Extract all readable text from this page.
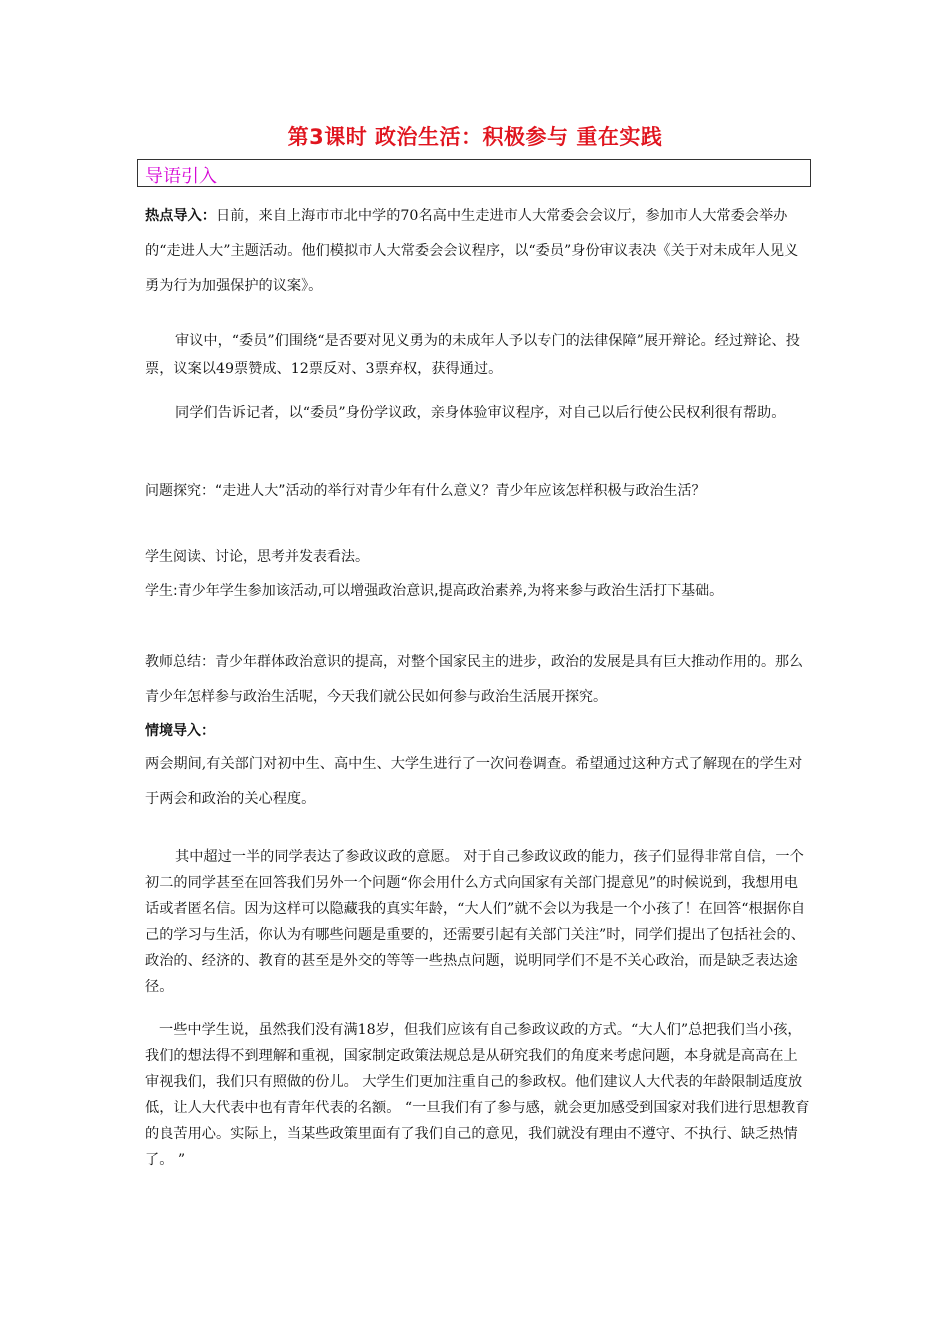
第3课时 政治生活：积极参与 重在实践
导语引入

热点导入：日前，来自上海市市北中学的70名高中生走进市人大常委会会议厅，参加市人大常委会举办的“走进人大”主题活动。他们模拟市人大常委会会议程序，以“委员”身份审议表决《关于对未成年人见义勇为行为加强保护的议案》。

审议中，“委员”们围绕“是否要对见义勇为的未成年人予以专门的法律保障”展开辩论。经过辩论、投票，议案以49票赞成、12票反对、3票弃权，获得通过。

同学们告诉记者，以“委员”身份学议政，亲身体验审议程序，对自己以后行使公民权利很有帮助。

问题探究：“走进人大”活动的举行对青少年有什么意义？青少年应该怎样积极与政治生活？

学生阅读、讨论，思考并发表看法。

学生:青少年学生参加该活动,可以增强政治意识,提高政治素养,为将来参与政治生活打下基础。

教师总结：青少年群体政治意识的提高，对整个国家民主的进步，政治的发展是具有巨大推动作用的。那么青少年怎样参与政治生活呢，今天我们就公民如何参与政治生活展开探究。

情境导入：

两会期间,有关部门对初中生、高中生、大学生进行了一次问卷调查。希望通过这种方式了解现在的学生对于两会和政治的关心程度。

其中超过一半的同学表达了参政议政的意愿。 对于自己参政议政的能力，孩子们显得非常自信，一个初二的同学甚至在回答我们另外一个问题“你会用什么方式向国家有关部门提意见”的时候说到，我想用电话或者匿名信。因为这样可以隐藏我的真实年龄，“大人们”就不会以为我是一个小孩了！在回答“根据你自己的学习与生活，你认为有哪些问题是重要的，还需要引起有关部门关注”时，同学们提出了包括社会的、政治的、经济的、教育的甚至是外交的等等一些热点问题，说明同学们不是不关心政治，而是缺乏表达途径。

一些中学生说，虽然我们没有满18岁，但我们应该有自己参政议政的方式。“大人们”总把我们当小孩，我们的想法得不到理解和重视，国家制定政策法规总是从研究我们的角度来考虑问题，本身就是高高在上审视我们，我们只有照做的份儿。 大学生们更加注重自己的参政权。他们建议人大代表的年龄限制适度放低，让人大代表中也有青年代表的名额。 “一旦我们有了参与感，就会更加感受到国家对我们进行思想教育的良苦用心。实际上，当某些政策里面有了我们自己的意见，我们就没有理由不遵守、不执行、缺乏热情了。 ”
